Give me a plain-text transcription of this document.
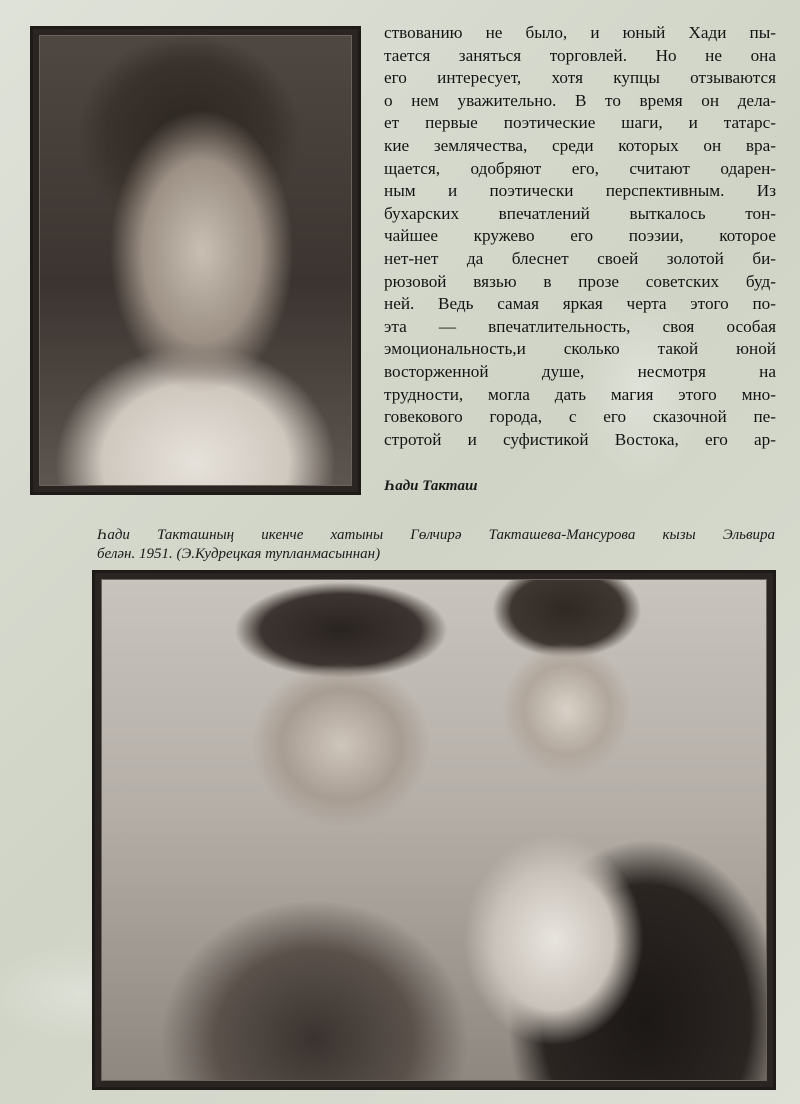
ствованию не было, и юный Хади пы-
тается заняться торговлей. Но не она
его интересует, хотя купцы отзываются
о нем уважительно. В то время он дела-
ет первые поэтические шаги, и татарс-
кие землячества, среди которых он вра-
щается, одобряют его, считают одарен-
ным и поэтически перспективным. Из
бухарских впечатлений выткалось тон-
чайшее кружево его поэзии, которое
нет-нет да блеснет своей золотой би-
рюзовой вязью в прозе советских буд-
ней. Ведь самая яркая черта этого по-
эта — впечатлительность, своя особая
эмоциональность,и сколько такой юной
восторженной душе, несмотря на
трудности, могла дать магия этого мно-
говекового города, с его сказочной пе-
стротой и суфистикой Востока, его ар-
Һади Такташ
Һади Такташның икенче хатыны Гөлчирә Такташева-Мансурова кызы Эльвира
белән. 1951. (Э.Кудрецкая тупланмасыннан)
